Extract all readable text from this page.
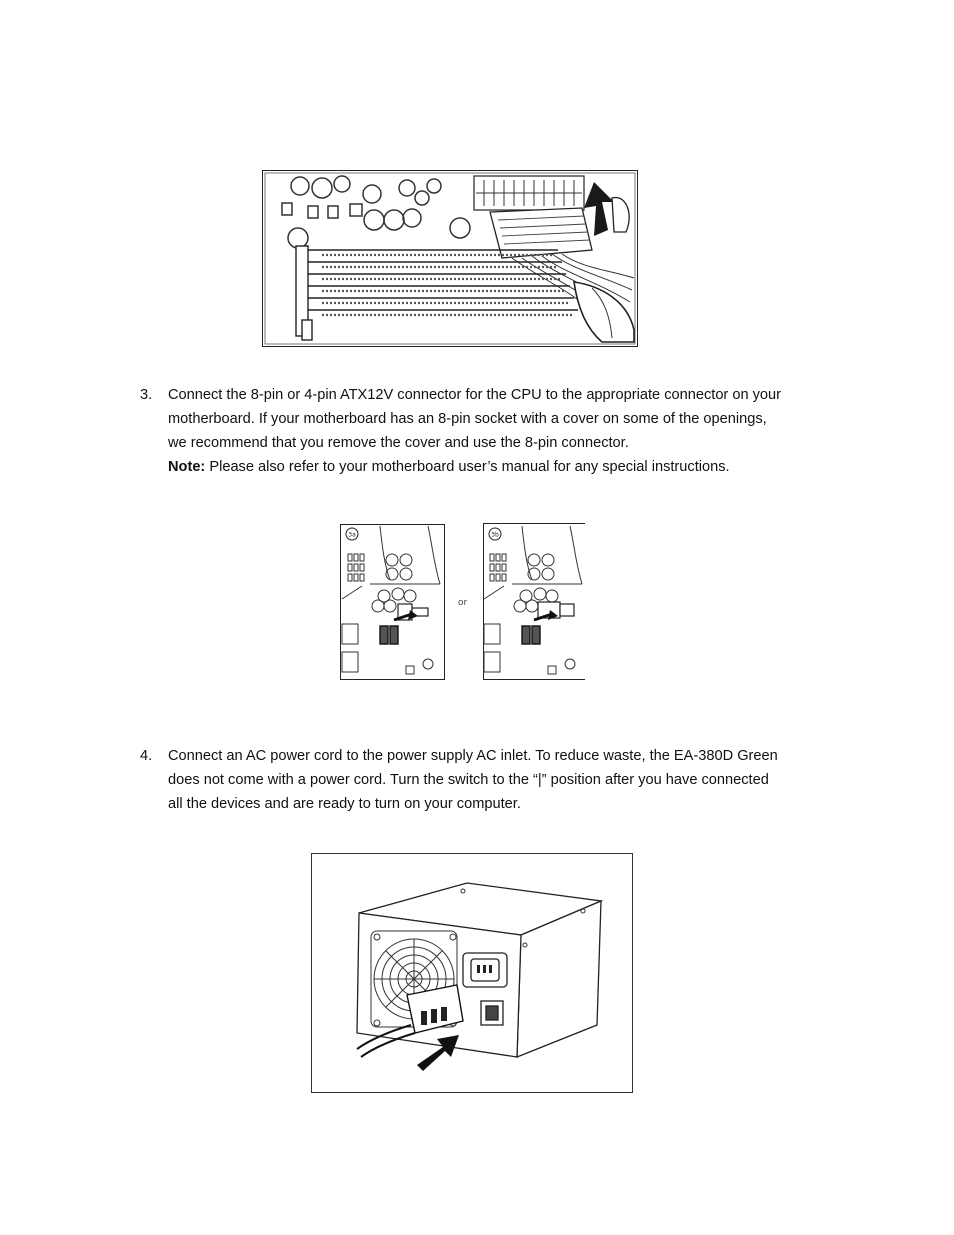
3.	Connect the 8-pin or 4-pin ATX12V connector for the CPU to the appropriate connector on your
motherboard. If your motherboard has an 8-pin socket with a cover on some of the openings,
we recommend that you remove the cover and use the 8-pin connector.
Note: Please also refer to your motherboard user’s manual for any special instructions.
3a
or
3b
4.	Connect an AC power cord to the power supply AC inlet. To reduce waste, the EA-380D Green
does not come with a power cord. Turn the switch to the “|” position after you have connected
all the devices and are ready to turn on your computer.
